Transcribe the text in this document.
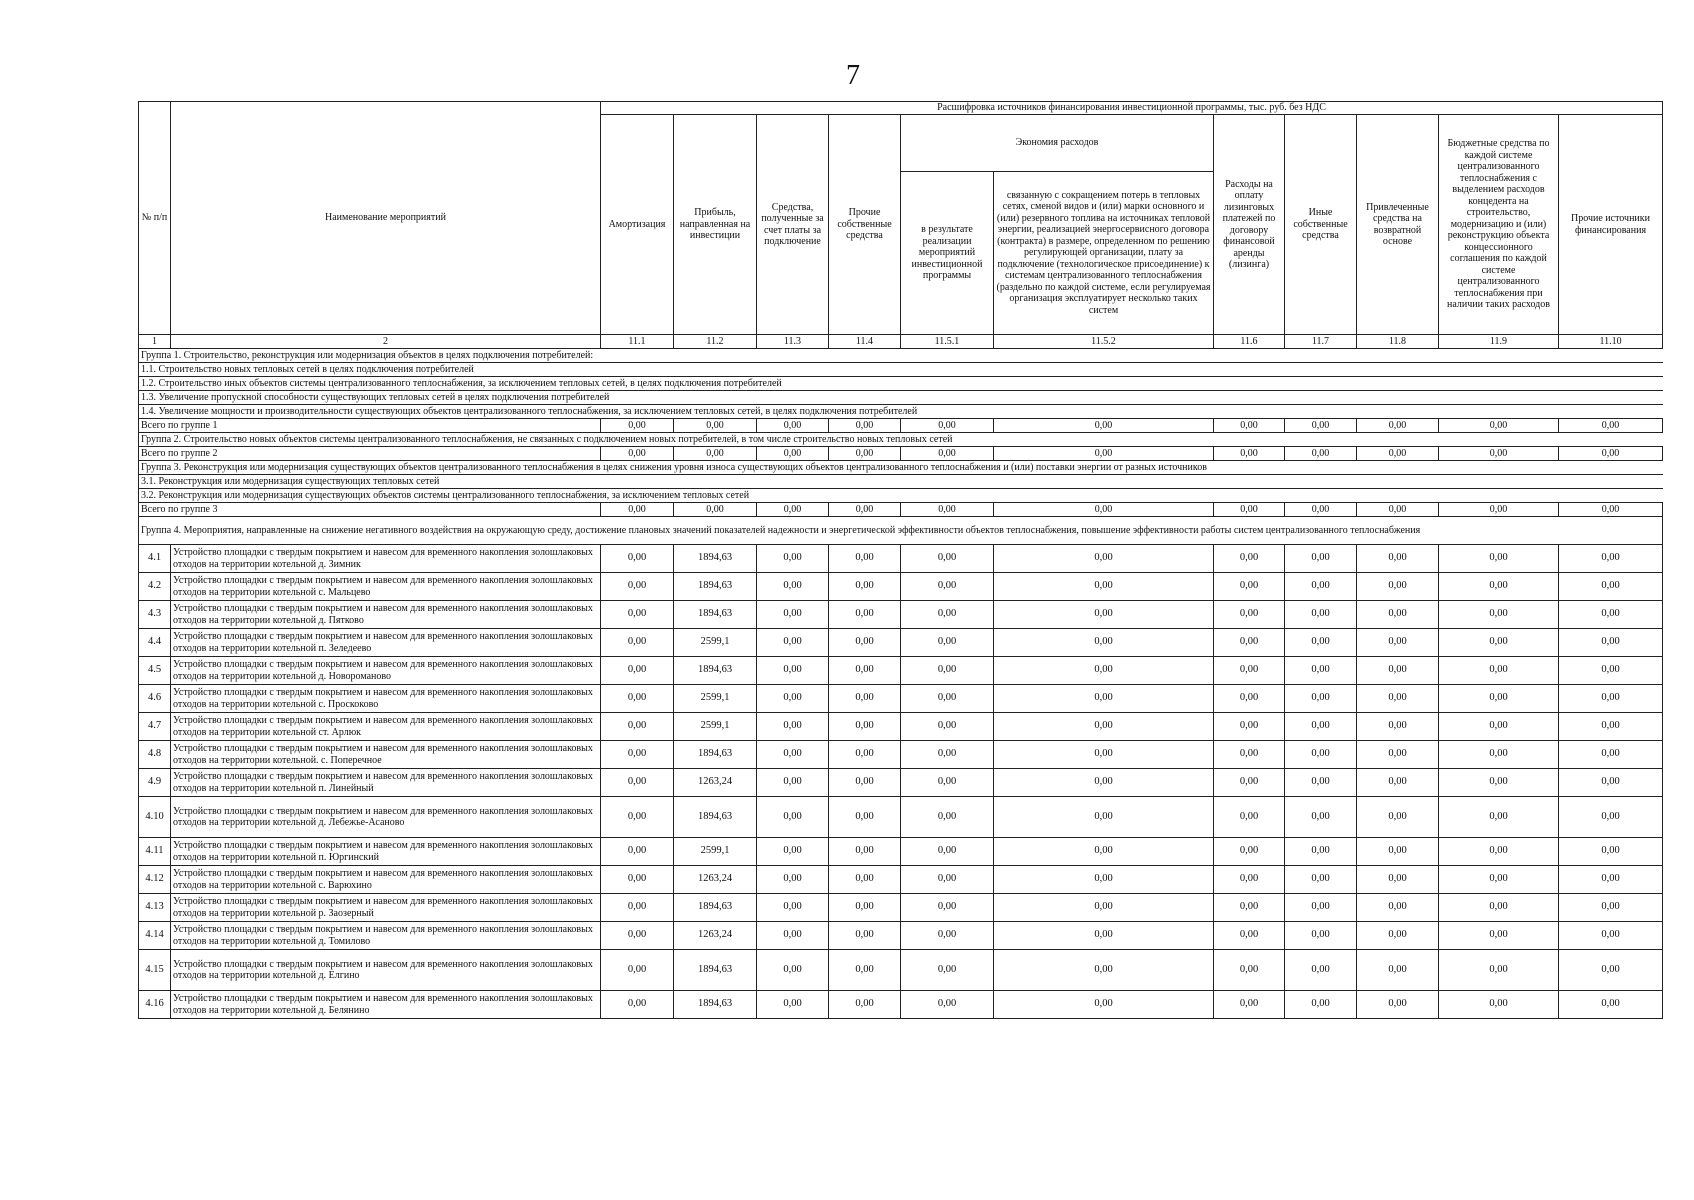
7
№ п/п	Наименование мероприятий	Расшифровка источников финансирования инвестиционной программы, тыс. руб. без НДС										
		Амортизация	Прибыль, направленная на инвестиции	Средства, полученные за счет платы за подключение	Прочие собственные средства	Экономия расходов		Расходы на оплату лизинговых платежей по договору финансовой аренды (лизинга)	Иные собственные средства	Привлеченные средства на возвратной основе	Бюджетные средства по каждой системе централизованного теплоснабжения с выделением расходов концедента на строительство, модернизацию и (или) реконструкцию объекта концессионного соглашения по каждой системе централизованного теплоснабжения при наличии таких расходов	Прочие источники финансирования
						в результате реализации мероприятий инвестиционной программы	связанную с сокращением потерь в тепловых сетях, сменой видов и (или) марки основного и (или) резервного топлива на источниках тепловой энергии, реализацией энергосервисного договора (контракта) в размере, определенном по решению регулирующей организации, плату за подключение (технологическое присоединение) к системам централизованного теплоснабжения (раздельно по каждой системе, если регулируемая организация эксплуатирует несколько таких систем					

1	2	11.1	11.2	11.3	11.4	11.5.1	11.5.2	11.6	11.7	11.8	11.9	11.10
Группа 1. Строительство, реконструкция или модернизация объектов в целях подключения потребителей:												
1.1. Строительство новых тепловых сетей в целях подключения потребителей												
1.2. Строительство иных объектов системы централизованного теплоснабжения, за исключением тепловых сетей, в целях подключения потребителей												
1.3. Увеличение пропускной способности существующих тепловых сетей в целях подключения потребителей												
1.4. Увеличение мощности и производительности существующих объектов централизованного теплоснабжения, за исключением тепловых сетей, в целях подключения потребителей												
Всего по группе 1		0,00	0,00	0,00	0,00	0,00	0,00	0,00	0,00	0,00	0,00	0,00
Группа 2. Строительство новых объектов системы централизованного теплоснабжения, не связанных с подключением новых потребителей, в том числе строительство новых тепловых сетей												
Всего по группе 2		0,00	0,00	0,00	0,00	0,00	0,00	0,00	0,00	0,00	0,00	0,00
Группа 3. Реконструкция или модернизация существующих объектов централизованного теплоснабжения в целях снижения уровня износа существующих объектов централизованного теплоснабжения и (или) поставки энергии от разных источников												
3.1. Реконструкция или модернизация существующих тепловых сетей												
3.2. Реконструкция или модернизация существующих объектов системы централизованного теплоснабжения, за исключением тепловых сетей												
Всего по группе 3		0,00	0,00	0,00	0,00	0,00	0,00	0,00	0,00	0,00	0,00	0,00
Группа 4. Мероприятия, направленные на снижение негативного воздействия на окружающую среду, достижение плановых значений показателей надежности и энергетической эффективности объектов теплоснабжения, повышение эффективности работы систем централизованного теплоснабжения												
4.1	Устройство площадки с твердым покрытием и навесом для временного накопления золошлаковых отходов на территории котельной д. Зимник	0,00	1894,63	0,00	0,00	0,00	0,00	0,00	0,00	0,00	0,00	0,00
4.2	Устройство площадки с твердым покрытием и навесом для временного накопления золошлаковых отходов на территории котельной с. Мальцево	0,00	1894,63	0,00	0,00	0,00	0,00	0,00	0,00	0,00	0,00	0,00
4.3	Устройство площадки с твердым покрытием и навесом для временного накопления золошлаковых отходов на территории котельной д. Пятково	0,00	1894,63	0,00	0,00	0,00	0,00	0,00	0,00	0,00	0,00	0,00
4.4	Устройство площадки с твердым покрытием и навесом для временного накопления золошлаковых отходов на территории котельной п. Зеледеево	0,00	2599,1	0,00	0,00	0,00	0,00	0,00	0,00	0,00	0,00	0,00
4.5	Устройство площадки с твердым покрытием и навесом для временного накопления золошлаковых отходов на территории котельной д. Новороманово	0,00	1894,63	0,00	0,00	0,00	0,00	0,00	0,00	0,00	0,00	0,00
4.6	Устройство площадки с твердым покрытием и навесом для временного накопления золошлаковых отходов на территории котельной с. Проскоково	0,00	2599,1	0,00	0,00	0,00	0,00	0,00	0,00	0,00	0,00	0,00
4.7	Устройство площадки с твердым покрытием и навесом для временного накопления золошлаковых отходов на территории котельной ст. Арлюк	0,00	2599,1	0,00	0,00	0,00	0,00	0,00	0,00	0,00	0,00	0,00
4.8	Устройство площадки с твердым покрытием и навесом для временного накопления золошлаковых отходов на территории котельной. с. Поперечное	0,00	1894,63	0,00	0,00	0,00	0,00	0,00	0,00	0,00	0,00	0,00
4.9	Устройство площадки с твердым покрытием и навесом для временного накопления золошлаковых отходов на территории котельной п. Линейный	0,00	1263,24	0,00	0,00	0,00	0,00	0,00	0,00	0,00	0,00	0,00
4.10	Устройство площадки с твердым покрытием и навесом для временного накопления золошлаковых отходов на территории котельной д. Лебежье-Асаново	0,00	1894,63	0,00	0,00	0,00	0,00	0,00	0,00	0,00	0,00	0,00
4.11	Устройство площадки с твердым покрытием и навесом для временного накопления золошлаковых отходов на территории котельной п. Юргинский	0,00	2599,1	0,00	0,00	0,00	0,00	0,00	0,00	0,00	0,00	0,00
4.12	Устройство площадки с твердым покрытием и навесом для временного накопления золошлаковых отходов на территории котельной с. Варюхино	0,00	1263,24	0,00	0,00	0,00	0,00	0,00	0,00	0,00	0,00	0,00
4.13	Устройство площадки с твердым покрытием и навесом для временного накопления золошлаковых отходов на территории котельной р. Заозерный	0,00	1894,63	0,00	0,00	0,00	0,00	0,00	0,00	0,00	0,00	0,00
4.14	Устройство площадки с твердым покрытием и навесом для временного накопления золошлаковых отходов на территории котельной д. Томилово	0,00	1263,24	0,00	0,00	0,00	0,00	0,00	0,00	0,00	0,00	0,00
4.15	Устройство площадки с твердым покрытием и навесом для временного накопления золошлаковых отходов на территории котельной д. Елгино	0,00	1894,63	0,00	0,00	0,00	0,00	0,00	0,00	0,00	0,00	0,00
4.16	Устройство площадки с твердым покрытием и навесом для временного накопления золошлаковых отходов на территории котельной д. Белянино	0,00	1894,63	0,00	0,00	0,00	0,00	0,00	0,00	0,00	0,00	0,00
